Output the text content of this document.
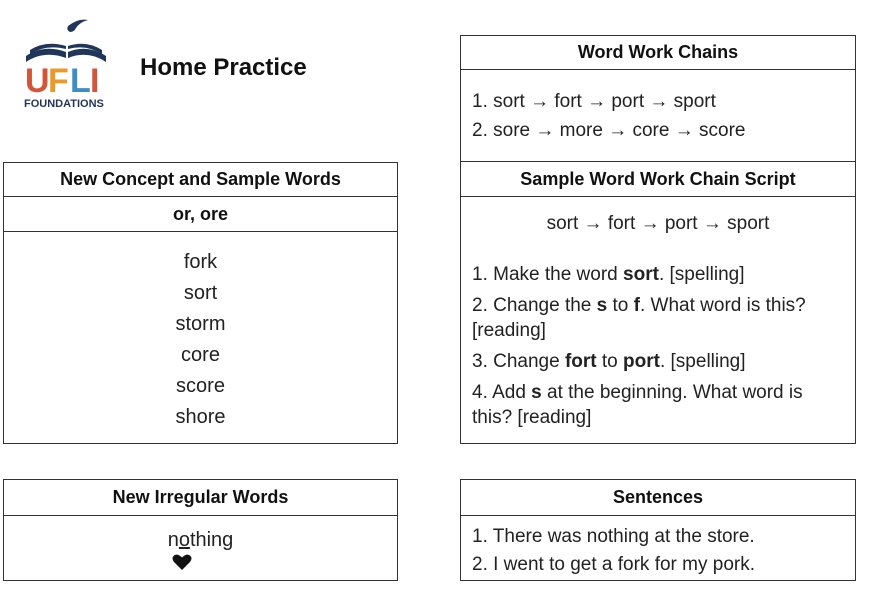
U
F L I
FOUNDATIONS
Home Practice
New Concept and Sample Words
or, ore
fork
sort
storm
core
score
shore
New Irregular Words
nothing
Word Work Chains
1. sort → fort → port → sport
2. sore → more → core → score
Sample Word Work Chain Script
sort → fort → port → sport
1. Make the word sort. [spelling]
2. Change the s to f. What word is this? [reading]
3. Change fort to port. [spelling]
4. Add s at the beginning. What word is this? [reading]
Sentences
1. There was nothing at the store.
2. I went to get a fork for my pork.
